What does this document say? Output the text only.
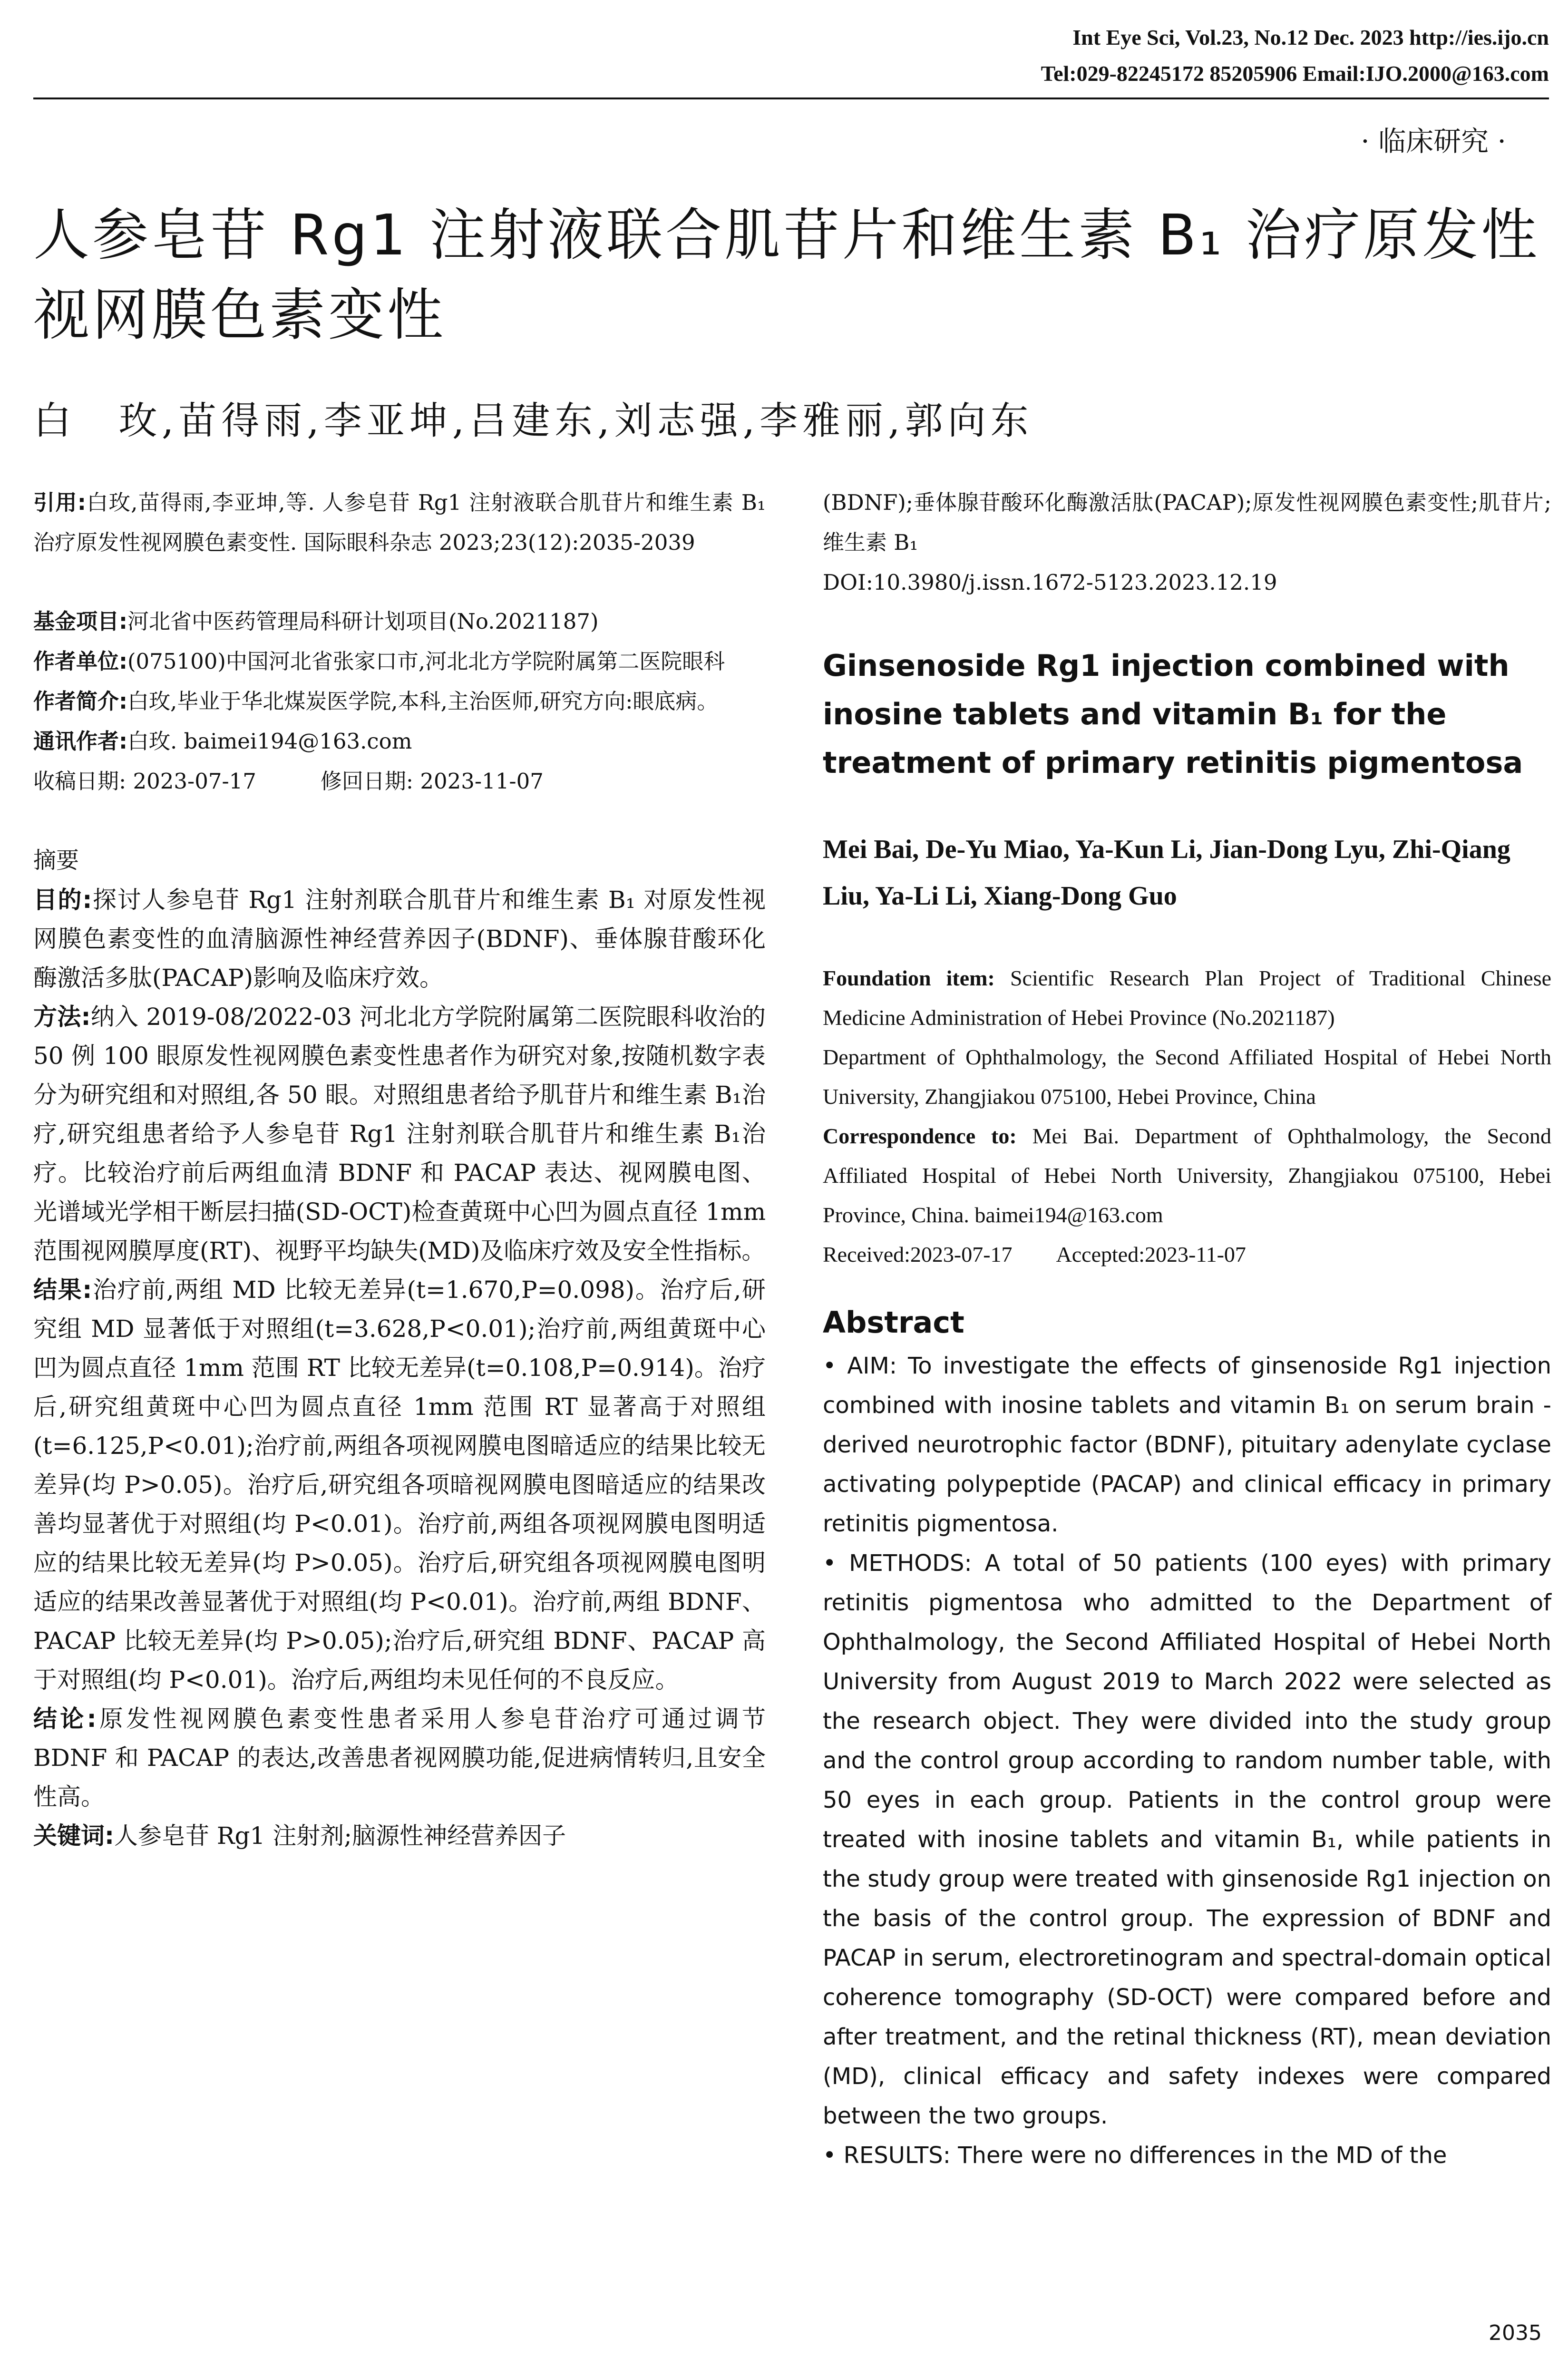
Int Eye Sci, Vol.23, No.12 Dec. 2023 http://ies.ijo.cn
Tel:029-82245172 85205906 Email:IJO.2000@163.com
· 临床研究 ·
人参皂苷 Rg1 注射液联合肌苷片和维生素 B₁ 治疗原发性视网膜色素变性
白　玫,苗得雨,李亚坤,吕建东,刘志强,李雅丽,郭向东

引用:白玫,苗得雨,李亚坤,等. 人参皂苷 Rg1 注射液联合肌苷片和维生素 B₁ 治疗原发性视网膜色素变性. 国际眼科杂志 2023;23(12):2035-2039

基金项目:河北省中医药管理局科研计划项目(No.2021187)

作者单位:(075100)中国河北省张家口市,河北北方学院附属第二医院眼科

作者简介:白玫,毕业于华北煤炭医学院,本科,主治医师,研究方向:眼底病。

通讯作者:白玫. baimei194@163.com

收稿日期: 2023-07-17　　　修回日期: 2023-11-07

摘要

目的:探讨人参皂苷 Rg1 注射剂联合肌苷片和维生素 B₁ 对原发性视网膜色素变性的血清脑源性神经营养因子(BDNF)、垂体腺苷酸环化酶激活多肽(PACAP)影响及临床疗效。

方法:纳入 2019-08/2022-03 河北北方学院附属第二医院眼科收治的 50 例 100 眼原发性视网膜色素变性患者作为研究对象,按随机数字表分为研究组和对照组,各 50 眼。对照组患者给予肌苷片和维生素 B₁治疗,研究组患者给予人参皂苷 Rg1 注射剂联合肌苷片和维生素 B₁治疗。比较治疗前后两组血清 BDNF 和 PACAP 表达、视网膜电图、光谱域光学相干断层扫描(SD-OCT)检查黄斑中心凹为圆点直径 1mm 范围视网膜厚度(RT)、视野平均缺失(MD)及临床疗效及安全性指标。

结果:治疗前,两组 MD 比较无差异(t=1.670,P=0.098)。治疗后,研究组 MD 显著低于对照组(t=3.628,P<0.01);治疗前,两组黄斑中心凹为圆点直径 1mm 范围 RT 比较无差异(t=0.108,P=0.914)。治疗后,研究组黄斑中心凹为圆点直径 1mm 范围 RT 显著高于对照组(t=6.125,P<0.01);治疗前,两组各项视网膜电图暗适应的结果比较无差异(均 P>0.05)。治疗后,研究组各项暗视网膜电图暗适应的结果改善均显著优于对照组(均 P<0.01)。治疗前,两组各项视网膜电图明适应的结果比较无差异(均 P>0.05)。治疗后,研究组各项视网膜电图明适应的结果改善显著优于对照组(均 P<0.01)。治疗前,两组 BDNF、PACAP 比较无差异(均 P>0.05);治疗后,研究组 BDNF、PACAP 高于对照组(均 P<0.01)。治疗后,两组均未见任何的不良反应。

结论:原发性视网膜色素变性患者采用人参皂苷治疗可通过调节 BDNF 和 PACAP 的表达,改善患者视网膜功能,促进病情转归,且安全性高。

关键词:人参皂苷 Rg1 注射剂;脑源性神经营养因子

(BDNF);垂体腺苷酸环化酶激活肽(PACAP);原发性视网膜色素变性;肌苷片;维生素 B₁

DOI:10.3980/j.issn.1672-5123.2023.12.19

Ginsenoside Rg1 injection combined with inosine tablets and vitamin B₁ for the treatment of primary retinitis pigmentosa

Mei Bai, De-Yu Miao, Ya-Kun Li, Jian-Dong Lyu, Zhi-Qiang Liu, Ya-Li Li, Xiang-Dong Guo

Foundation item: Scientific Research Plan Project of Traditional Chinese Medicine Administration of Hebei Province (No.2021187)

Department of Ophthalmology, the Second Affiliated Hospital of Hebei North University, Zhangjiakou 075100, Hebei Province, China

Correspondence to: Mei Bai. Department of Ophthalmology, the Second Affiliated Hospital of Hebei North University, Zhangjiakou 075100, Hebei Province, China. baimei194@163.com

Received:2023-07-17　　Accepted:2023-11-07

Abstract

• AIM: To investigate the effects of ginsenoside Rg1 injection combined with inosine tablets and vitamin B₁ on serum brain - derived neurotrophic factor (BDNF), pituitary adenylate cyclase activating polypeptide (PACAP) and clinical efficacy in primary retinitis pigmentosa.

• METHODS: A total of 50 patients (100 eyes) with primary retinitis pigmentosa who admitted to the Department of Ophthalmology, the Second Affiliated Hospital of Hebei North University from August 2019 to March 2022 were selected as the research object. They were divided into the study group and the control group according to random number table, with 50 eyes in each group. Patients in the control group were treated with inosine tablets and vitamin B₁, while patients in the study group were treated with ginsenoside Rg1 injection on the basis of the control group. The expression of BDNF and PACAP in serum, electroretinogram and spectral-domain optical coherence tomography (SD-OCT) were compared before and after treatment, and the retinal thickness (RT), mean deviation (MD), clinical efficacy and safety indexes were compared between the two groups.

• RESULTS: There were no differences in the MD of the

2035
